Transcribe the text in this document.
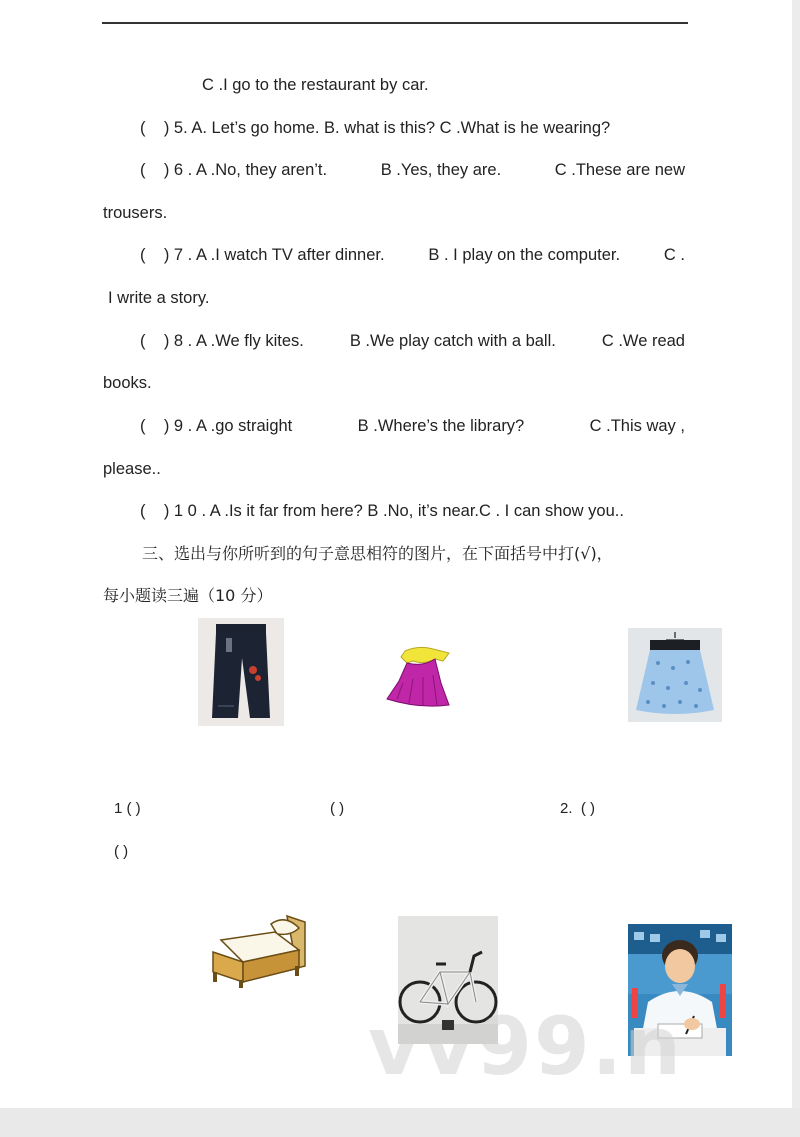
C .I go to the restaurant by car.
( ) 5. A. Let’s go home. B. what is this? C .What is he wearing?
( ) 6 . A .No, they aren’t.	B .Yes, they are.	C .These are new
trousers.
( ) 7 . A .I watch TV after dinner.	B . I play on the computer.	C .
I write a story.
( ) 8 . A .We fly kites.	B .We play catch with a ball.	C .We read
books.
( ) 9 . A .go straight	B .Where’s the library?	C .This way ,
please..
( ) 1 0 . A .Is it far from here? B .No, it’s near.C . I can show you..
三、选出与你所听到的句子意思相符的图片，在下面括号中打(√)，
每小题读三遍（10 分）
1 ( )	( )	2. ( )
( )
vv99.n
